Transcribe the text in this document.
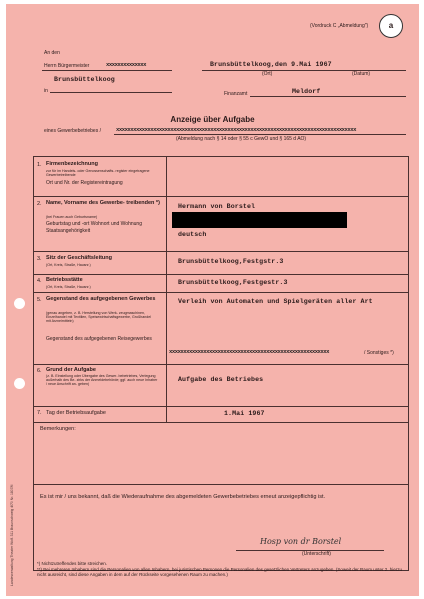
(Vordruck C „Abmeldung")	a
An den
Herrn Bürgermeister	xxxxxxxxxxxxxx
Brunsbüttelkoog
in
Brunsbüttelkoog,den 9.Mai 1967
(Ort)	(Datum)
Finanzamt	Meldorf
Anzeige über Aufgabe
eines Gewerbebetriebes /	xxxxxxxxxxxxxxxxxxxxxxxxxxxxxxxxxxxxxxxxxxxxxxxxxxxxxxxxxxxxxxxxxxxxxxxxxxxxxxxxxxxx
(Abmeldung nach § 14 oder § 55 c GewO und § 165 d AO)
1. Firmenbezeichnung
zur für im Handels- oder Genossenschafts- register eingetragene Gewerbetreibende
Ort und Nr. der Registereintragung
2. Name, Vorname des Gewerbe- treibenden *)
(bei Frauen auch Geburtsname)
Geburtstag und -ort Wohnort und Wohnung Staatsangehörigkeit
Hermann von Borstel
deutsch
3. Sitz der Geschäftsleitung
(Ort, Kreis, Straße, Hausnr.)	Brunsbüttelkoog,Festgstr.3
4. Betriebsstätte
(Ort, Kreis, Straße, Hausnr.)
Brunsbüttelkoog,Festgestr.3
5. Gegenstand des aufgegebenen Gewerbes
(genau angeben, z. B. Herstellung von Werk- zeugmaschinen, Einzelhandel mit Textilien, Speisewirtschaftsgewerbe, Großhandel mit Arzneimitteln)
Gegenstand des aufgegebenen Reisegewerbes
Verleih von Automaten und Spielgeräten aller Art
xxxxxxxxxxxxxxxxxxxxxxxxxxxxxxxxxxxxxxxxxxxxxxxxxxxxxxxx	/ Sonstiges *)
6. Grund der Aufgabe
(z. B. Einstellung oder Übergabe des Gewer- bebetriebes, Verlegung außerhalb des Be- zirks der Anmeldebehörde; ggf. auch neue Inhaber / neue Anschrift an- geben)
Aufgabe des Betriebes
7. Tag der Betriebsaufgabe	1.Mai 1967
Bemerkungen:
Es ist mir / uns bekannt, daß die Wiederaufnahme des abgemeldeten Gewerbebetriebes erneut anzeigepflichtig ist.
Hosp von dr Borstel
(Unterschrift)
*) Nichtzutreffendes bitte streichen.
**) Bei mehreren Inhabern sind die Personalien von allen Inhabern, bei juristischen Personen die Personalien des gesetzlichen Vertreters anzugeben. (Soweit der Raum unter 2. hierzu nicht ausreicht, sind diese Angaben in dem auf der Rückseite vorgesehenen Raum zu machen.)
Landesverwaltung Theater Wolf. 311 Braunschweig 4/70 Nr. 1807/II
